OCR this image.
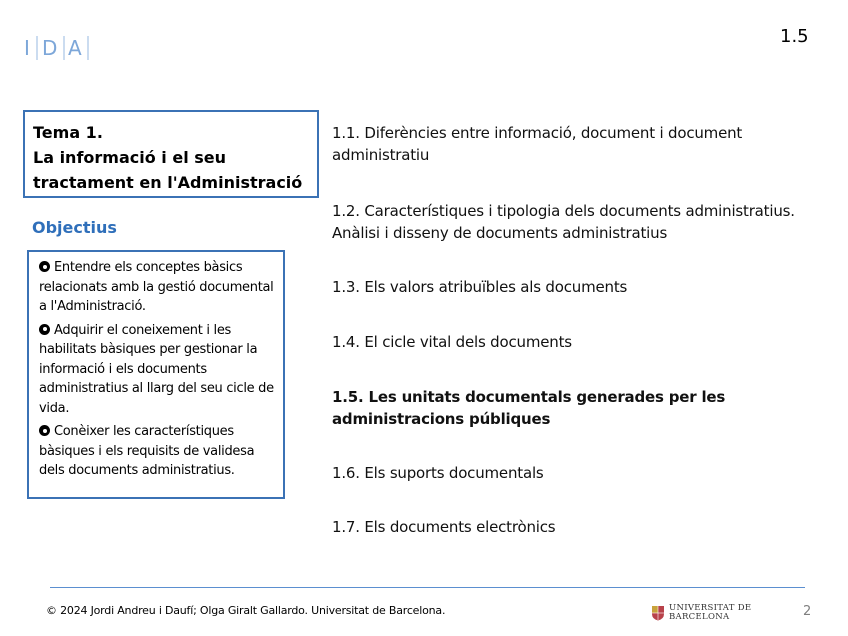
I D A	1.5
Tema 1.
La informació i el seu
tractament en l'Administració
Objectius
Entendre els conceptes bàsics relacionats amb la gestió documental a l'Administració.
Adquirir el coneixement i les habilitats bàsiques per gestionar la informació i els documents administratius al llarg del seu cicle de vida.
Conèixer les característiques bàsiques i els requisits de validesa dels documents administratius.
1.1. Diferències entre informació, document i document administratiu
1.2. Característiques i tipologia dels documents administratius. Anàlisi i disseny de documents administratius
1.3. Els valors atribuïbles als documents
1.4. El cicle vital dels documents
1.5. Les unitats documentals generades per les administracions públiques
1.6. Els suports documentals
1.7. Els documents electrònics
© 2024 Jordi Andreu i Daufí; Olga Giralt Gallardo. Universitat de Barcelona.	UNIVERSITAT DE
BARCELONA	2
